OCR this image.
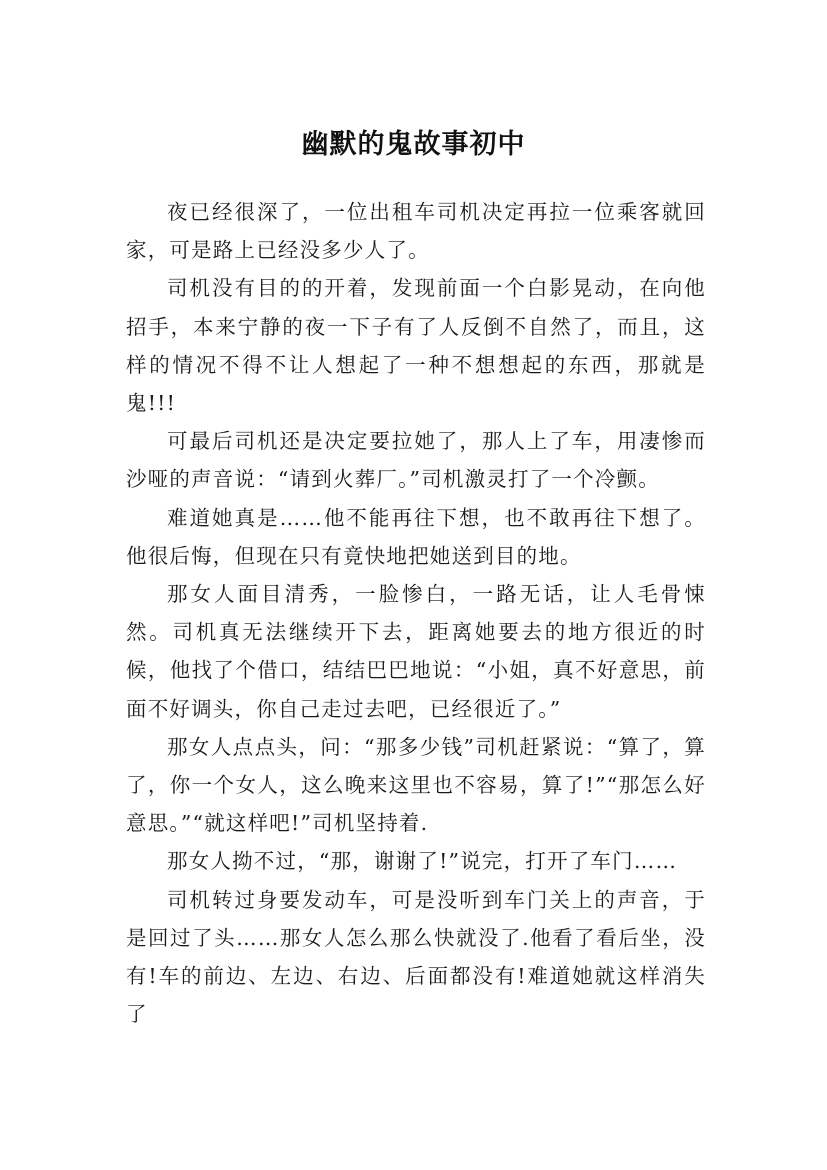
幽默的鬼故事初中

夜已经很深了，一位出租车司机决定再拉一位乘客就回家，可是路上已经没多少人了。

司机没有目的的开着，发现前面一个白影晃动，在向他招手，本来宁静的夜一下子有了人反倒不自然了，而且，这样的情况不得不让人想起了一种不想想起的东西，那就是鬼!!!

可最后司机还是决定要拉她了，那人上了车，用凄惨而沙哑的声音说：“请到火葬厂。”司机激灵打了一个冷颤。

难道她真是……他不能再往下想，也不敢再往下想了。他很后悔，但现在只有竟快地把她送到目的地。

那女人面目清秀，一脸惨白，一路无话，让人毛骨悚然。司机真无法继续开下去，距离她要去的地方很近的时候，他找了个借口，结结巴巴地说：“小姐，真不好意思，前面不好调头，你自己走过去吧，已经很近了。”

那女人点点头，问：“那多少钱”司机赶紧说：“算了，算了，你一个女人，这么晚来这里也不容易，算了!”“那怎么好意思。”“就这样吧!”司机坚持着.

那女人拗不过，“那，谢谢了!”说完，打开了车门……

司机转过身要发动车，可是没听到车门关上的声音，于是回过了头……那女人怎么那么快就没了.他看了看后坐，没有!车的前边、左边、右边、后面都没有!难道她就这样消失了
